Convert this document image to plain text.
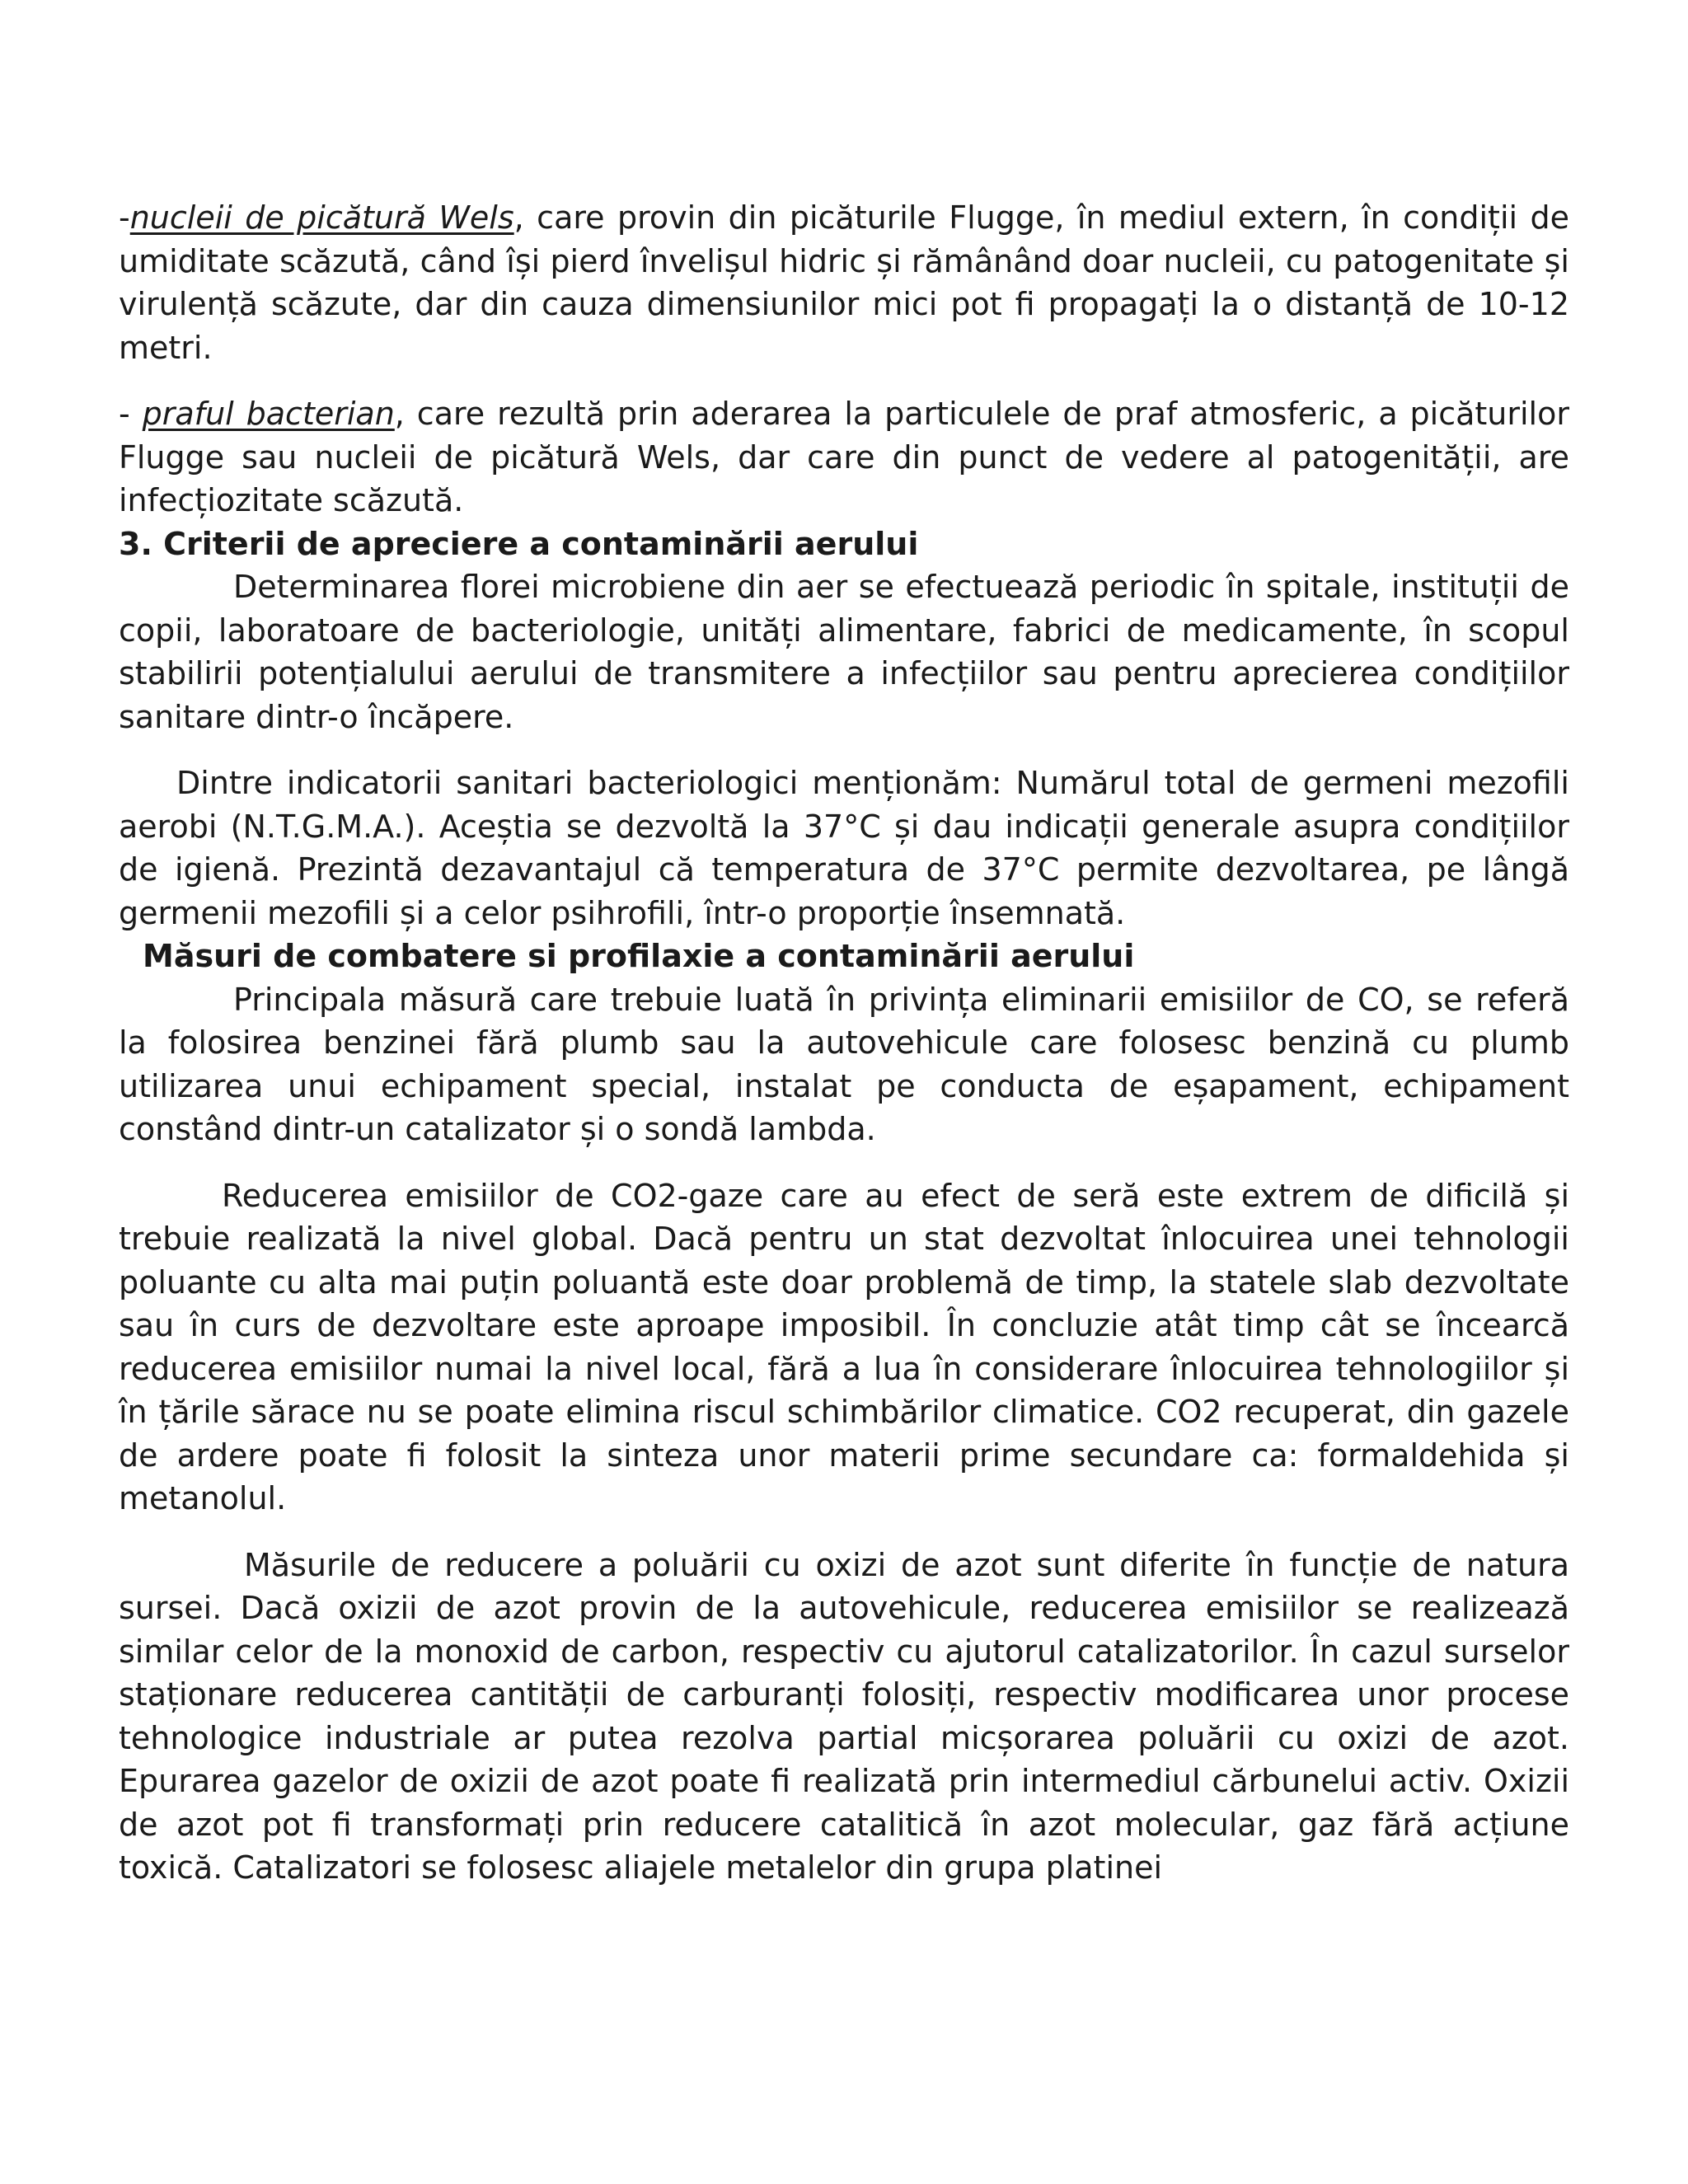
-nucleii de picătură Wels, care provin din picăturile Flugge, în mediul extern, în condiții de umiditate scăzută, când își pierd învelișul hidric și rămânând doar nucleii, cu patogenitate și virulență scăzute, dar din cauza dimensiunilor mici pot fi propagați la o distanță de 10-12 metri.

- praful bacterian, care rezultă prin aderarea la particulele de praf atmosferic, a picăturilor Flugge sau nucleii de picătură Wels, dar care din punct de vedere al patogenității, are infecțiozitate scăzută.

3. Criterii de apreciere a contaminării aerului

Determinarea florei microbiene din aer se efectuează periodic în spitale, instituții de copii, laboratoare de bacteriologie, unități alimentare, fabrici de medicamente, în scopul stabilirii potențialului aerului de transmitere a infecțiilor sau pentru aprecierea condițiilor sanitare dintr-o încăpere.

Dintre indicatorii sanitari bacteriologici menționăm: Numărul total de germeni mezofili aerobi (N.T.G.M.A.). Aceștia se dezvoltă la 37°C și dau indicații generale asupra condițiilor de igienă. Prezintă dezavantajul că temperatura de 37°C permite dezvoltarea, pe lângă germenii mezofili și a celor psihrofili, într-o proporție însemnată.

Măsuri de combatere si profilaxie a contaminării aerului

Principala măsură care trebuie luată în privința eliminarii emisiilor de CO, se referă la folosirea benzinei fără plumb sau la autovehicule care folosesc benzină cu plumb utilizarea unui echipament special, instalat pe conducta de eșapament, echipament constând dintr-un catalizator și o sondă lambda.

Reducerea emisiilor de CO2-gaze care au efect de seră este extrem de dificilă și trebuie realizată la nivel global. Dacă pentru un stat dezvoltat înlocuirea unei tehnologii poluante cu alta mai puțin poluantă este doar problemă de timp, la statele slab dezvoltate sau în curs de dezvoltare este aproape imposibil. În concluzie atât timp cât se încearcă reducerea emisiilor numai la nivel local, fără a lua în considerare înlocuirea tehnologiilor și în țările sărace nu se poate elimina riscul schimbărilor climatice. CO2 recuperat, din gazele de ardere poate fi folosit la sinteza unor materii prime secundare ca: formaldehida și metanolul.

Măsurile de reducere a poluării cu oxizi de azot sunt diferite în funcție de natura sursei. Dacă oxizii de azot provin de la autovehicule, reducerea emisiilor se realizează similar celor de la monoxid de carbon, respectiv cu ajutorul catalizatorilor. În cazul surselor staționare reducerea cantității de carburanți folosiți, respectiv modificarea unor procese tehnologice industriale ar putea rezolva partial micșorarea poluării cu oxizi de azot. Epurarea gazelor de oxizii de azot poate fi realizată prin intermediul cărbunelui activ. Oxizii de azot pot fi transformați prin reducere catalitică în azot molecular, gaz fără acțiune toxică. Catalizatori se folosesc aliajele metalelor din grupa platinei
